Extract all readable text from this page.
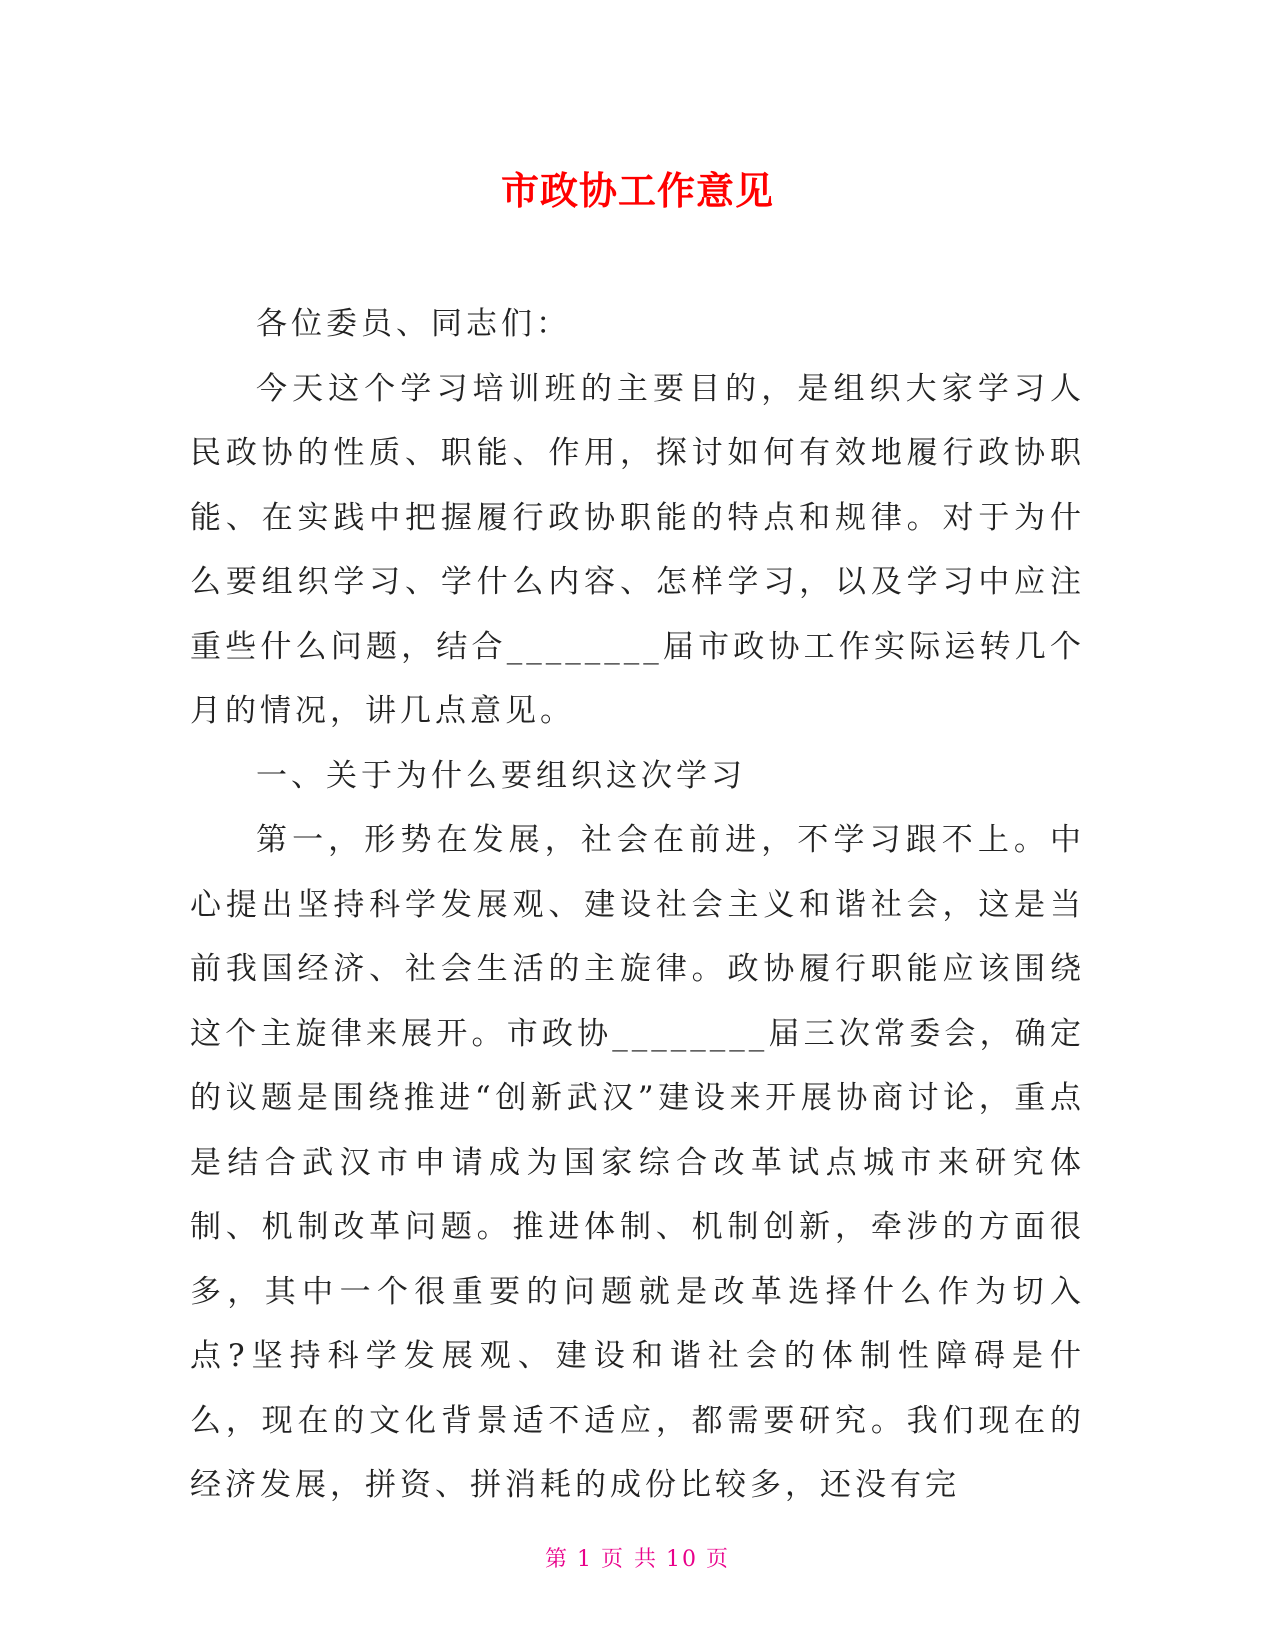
市政协工作意见

各位委员、同志们：

今天这个学习培训班的主要目的，是组织大家学习人民政协的性质、职能、作用，探讨如何有效地履行政协职能、在实践中把握履行政协职能的特点和规律。对于为什么要组织学习、学什么内容、怎样学习，以及学习中应注重些什么问题，结合________届市政协工作实际运转几个月的情况，讲几点意见。

一、关于为什么要组织这次学习

第一，形势在发展，社会在前进，不学习跟不上。中心提出坚持科学发展观、建设社会主义和谐社会，这是当前我国经济、社会生活的主旋律。政协履行职能应该围绕这个主旋律来展开。市政协________届三次常委会，确定的议题是围绕推进“创新武汉”建设来开展协商讨论，重点是结合武汉市申请成为国家综合改革试点城市来研究体制、机制改革问题。推进体制、机制创新，牵涉的方面很多，其中一个很重要的问题就是改革选择什么作为切入点?坚持科学发展观、建设和谐社会的体制性障碍是什么，现在的文化背景适不适应，都需要研究。我们现在的经济发展，拼资、拼消耗的成份比较多，还没有完

第 1 页 共 10 页
